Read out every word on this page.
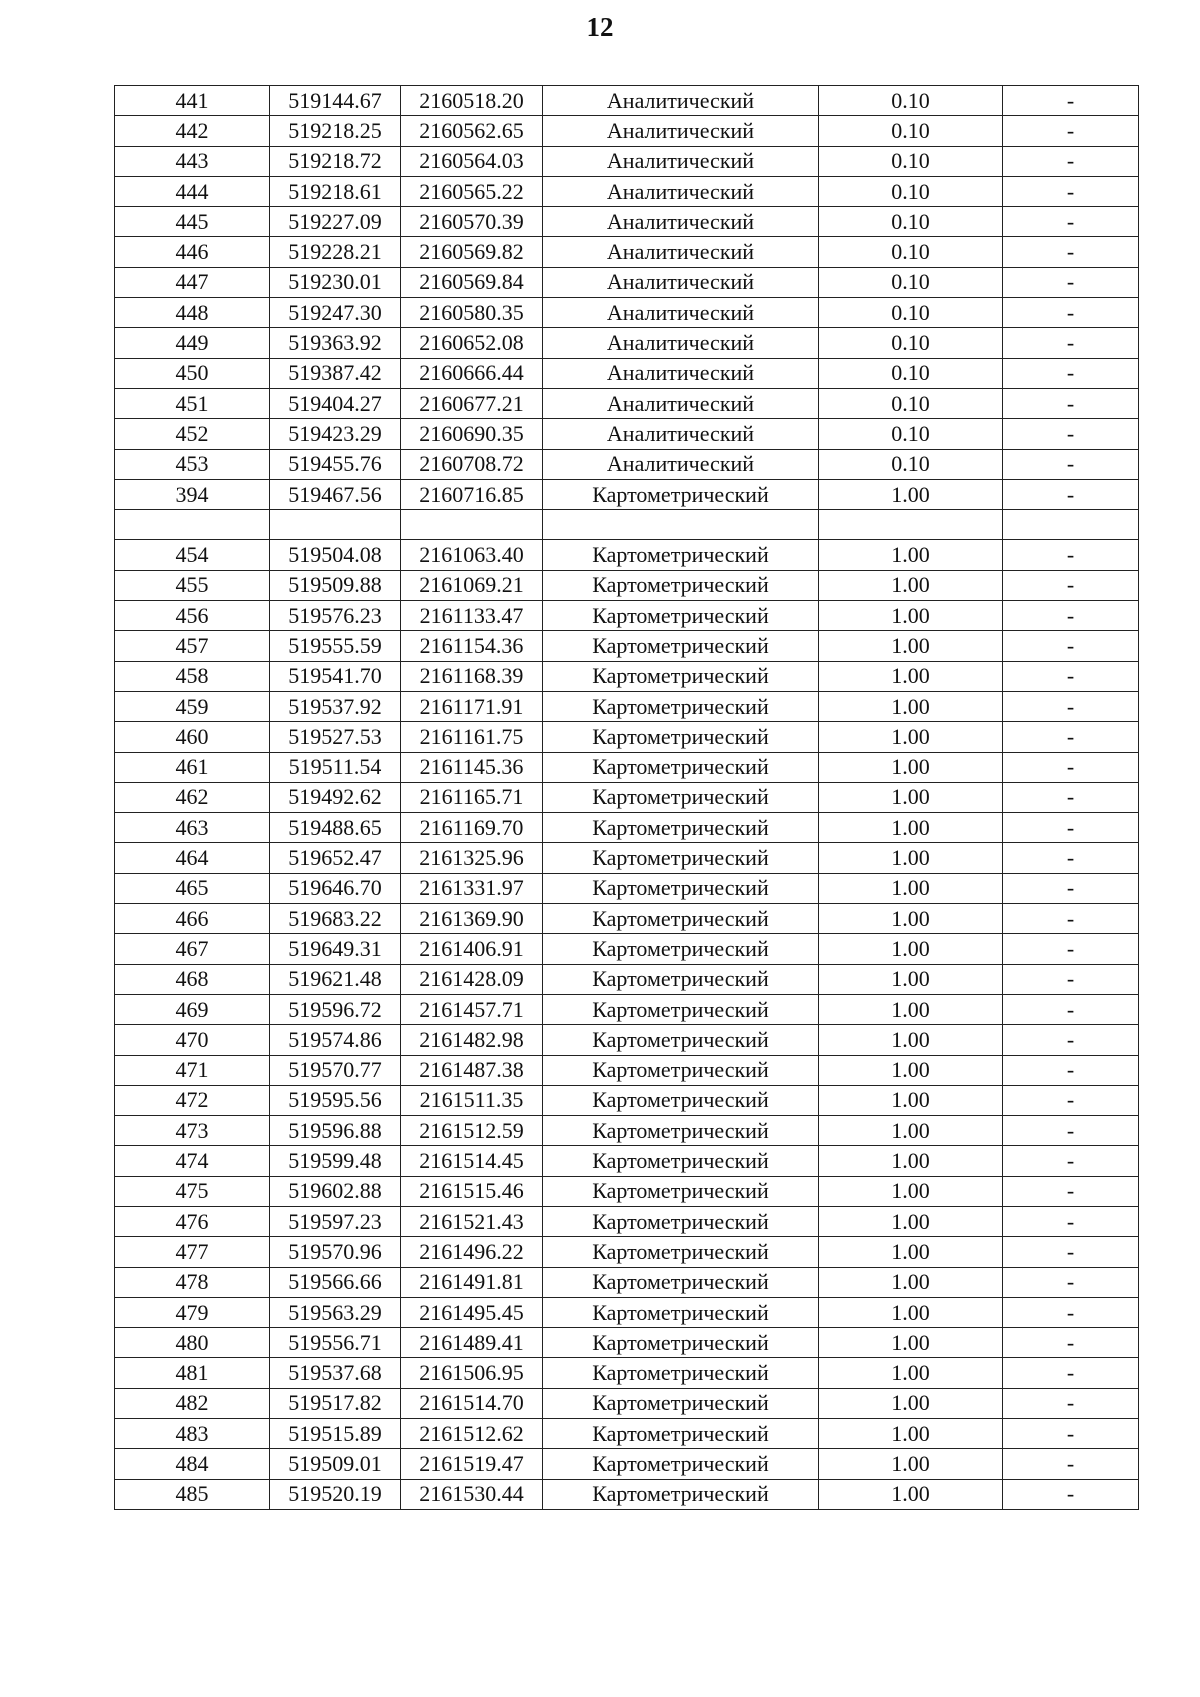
12
441	519144.67	2160518.20	Аналитический	0.10	-
442	519218.25	2160562.65	Аналитический	0.10	-
443	519218.72	2160564.03	Аналитический	0.10	-
444	519218.61	2160565.22	Аналитический	0.10	-
445	519227.09	2160570.39	Аналитический	0.10	-
446	519228.21	2160569.82	Аналитический	0.10	-
447	519230.01	2160569.84	Аналитический	0.10	-
448	519247.30	2160580.35	Аналитический	0.10	-
449	519363.92	2160652.08	Аналитический	0.10	-
450	519387.42	2160666.44	Аналитический	0.10	-
451	519404.27	2160677.21	Аналитический	0.10	-
452	519423.29	2160690.35	Аналитический	0.10	-
453	519455.76	2160708.72	Аналитический	0.10	-
394	519467.56	2160716.85	Картометрический	1.00	-

454	519504.08	2161063.40	Картометрический	1.00	-
455	519509.88	2161069.21	Картометрический	1.00	-
456	519576.23	2161133.47	Картометрический	1.00	-
457	519555.59	2161154.36	Картометрический	1.00	-
458	519541.70	2161168.39	Картометрический	1.00	-
459	519537.92	2161171.91	Картометрический	1.00	-
460	519527.53	2161161.75	Картометрический	1.00	-
461	519511.54	2161145.36	Картометрический	1.00	-
462	519492.62	2161165.71	Картометрический	1.00	-
463	519488.65	2161169.70	Картометрический	1.00	-
464	519652.47	2161325.96	Картометрический	1.00	-
465	519646.70	2161331.97	Картометрический	1.00	-
466	519683.22	2161369.90	Картометрический	1.00	-
467	519649.31	2161406.91	Картометрический	1.00	-
468	519621.48	2161428.09	Картометрический	1.00	-
469	519596.72	2161457.71	Картометрический	1.00	-
470	519574.86	2161482.98	Картометрический	1.00	-
471	519570.77	2161487.38	Картометрический	1.00	-
472	519595.56	2161511.35	Картометрический	1.00	-
473	519596.88	2161512.59	Картометрический	1.00	-
474	519599.48	2161514.45	Картометрический	1.00	-
475	519602.88	2161515.46	Картометрический	1.00	-
476	519597.23	2161521.43	Картометрический	1.00	-
477	519570.96	2161496.22	Картометрический	1.00	-
478	519566.66	2161491.81	Картометрический	1.00	-
479	519563.29	2161495.45	Картометрический	1.00	-
480	519556.71	2161489.41	Картометрический	1.00	-
481	519537.68	2161506.95	Картометрический	1.00	-
482	519517.82	2161514.70	Картометрический	1.00	-
483	519515.89	2161512.62	Картометрический	1.00	-
484	519509.01	2161519.47	Картометрический	1.00	-
485	519520.19	2161530.44	Картометрический	1.00	-
